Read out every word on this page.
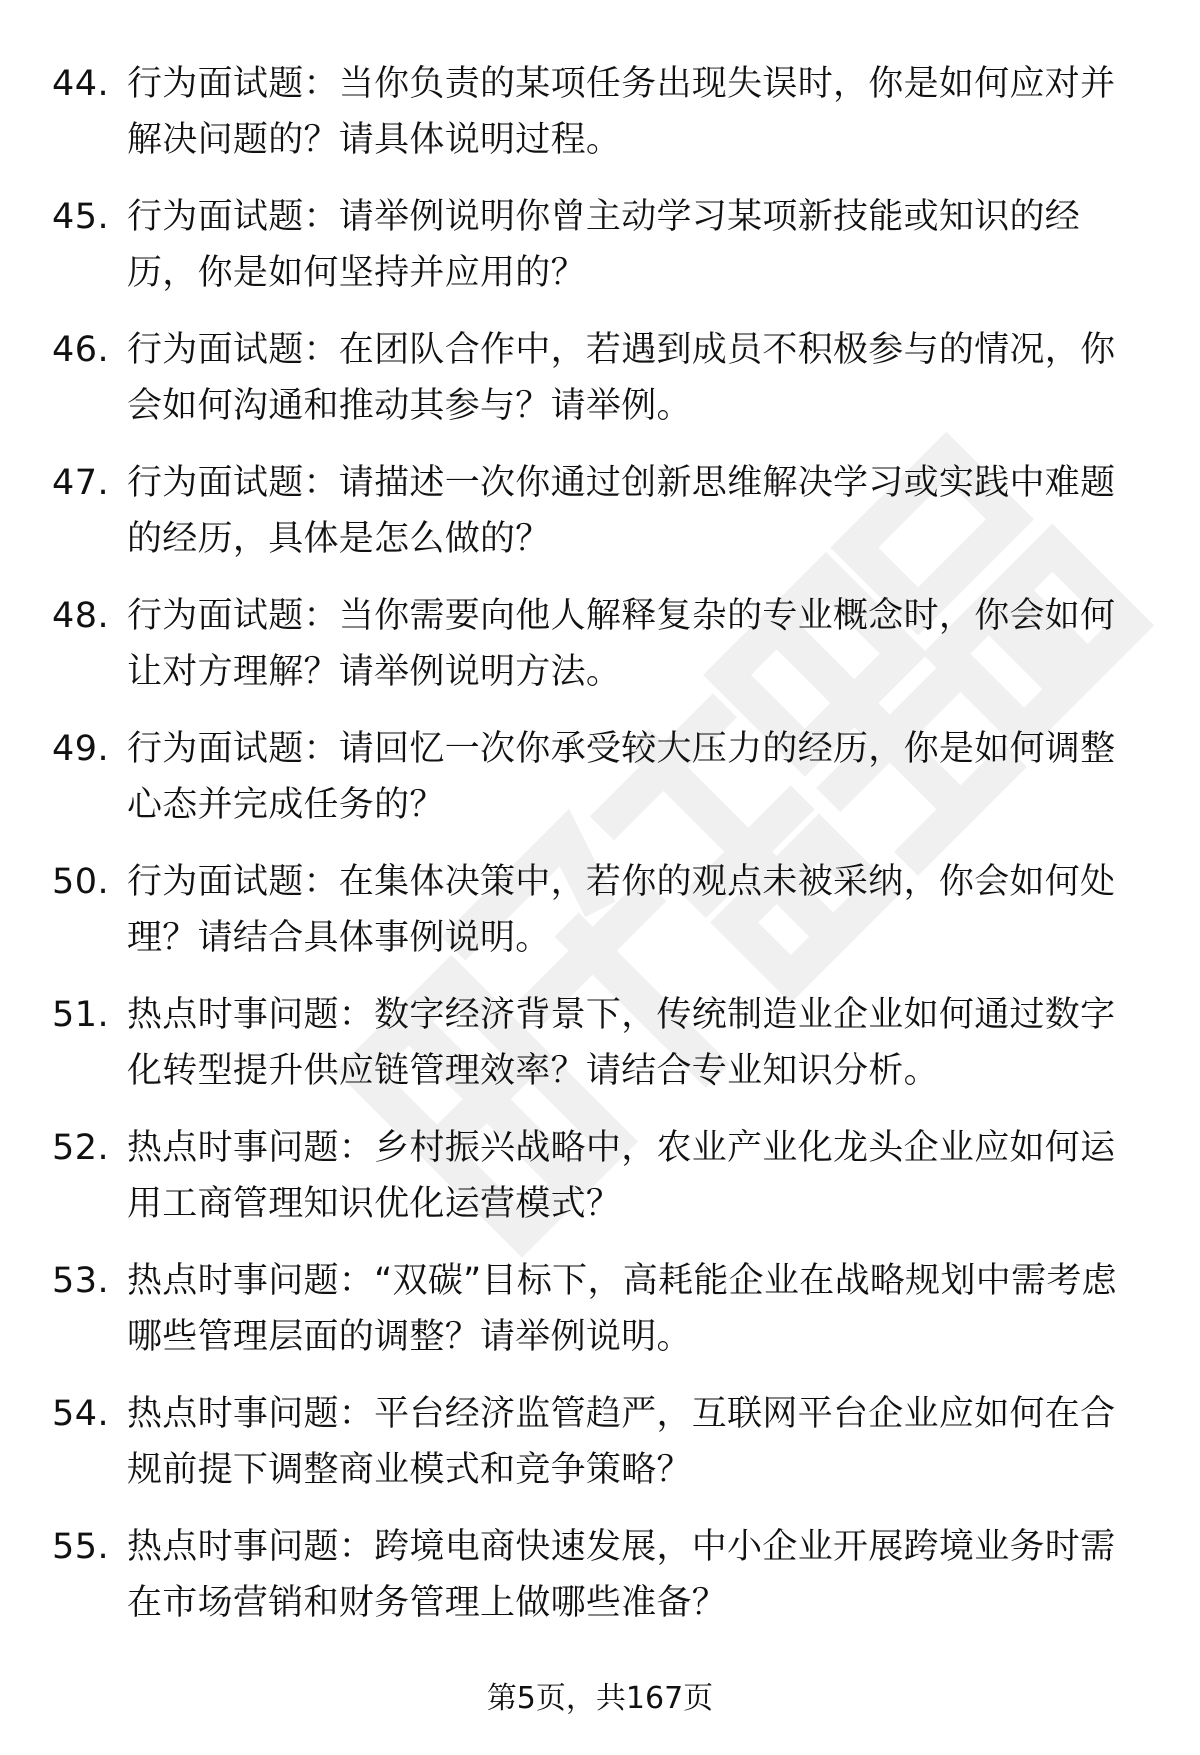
44. 行为面试题：当你负责的某项任务出现失误时，你是如何应对并解决问题的？请具体说明过程。
45. 行为面试题：请举例说明你曾主动学习某项新技能或知识的经历，你是如何坚持并应用的？
46. 行为面试题：在团队合作中，若遇到成员不积极参与的情况，你会如何沟通和推动其参与？请举例。
47. 行为面试题：请描述一次你通过创新思维解决学习或实践中难题的经历，具体是怎么做的？
48. 行为面试题：当你需要向他人解释复杂的专业概念时，你会如何让对方理解？请举例说明方法。
49. 行为面试题：请回忆一次你承受较大压力的经历，你是如何调整心态并完成任务的？
50. 行为面试题：在集体决策中，若你的观点未被采纳，你会如何处理？请结合具体事例说明。
51. 热点时事问题：数字经济背景下，传统制造业企业如何通过数字化转型提升供应链管理效率？请结合专业知识分析。
52. 热点时事问题：乡村振兴战略中，农业产业化龙头企业应如何运用工商管理知识优化运营模式？
53. 热点时事问题：“双碳”目标下，高耗能企业在战略规划中需考虑哪些管理层面的调整？请举例说明。
54. 热点时事问题：平台经济监管趋严，互联网平台企业应如何在合规前提下调整商业模式和竞争策略？
55. 热点时事问题：跨境电商快速发展，中小企业开展跨境业务时需在市场营销和财务管理上做哪些准备？
第5页，共167页
